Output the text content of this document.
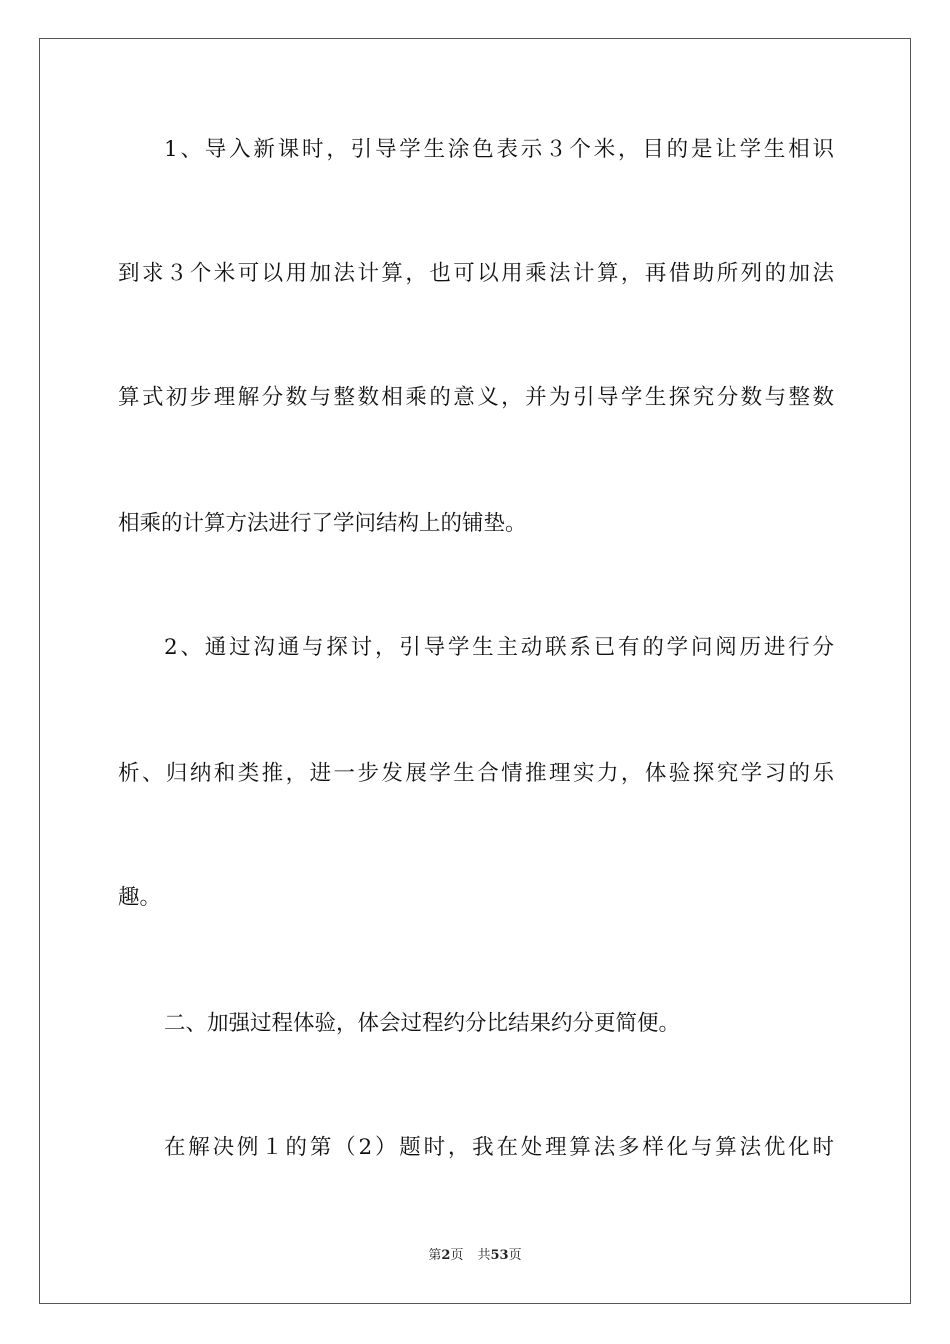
1、导入新课时，引导学生涂色表示３个米，目的是让学生相识
到求３个米可以用加法计算，也可以用乘法计算，再借助所列的加法
算式初步理解分数与整数相乘的意义，并为引导学生探究分数与整数
相乘的计算方法进行了学问结构上的铺垫。
2、通过沟通与探讨，引导学生主动联系已有的学问阅历进行分
析、归纳和类推，进一步发展学生合情推理实力，体验探究学习的乐
趣。
二、加强过程体验，体会过程约分比结果约分更简便。
在解决例１的第（2）题时，我在处理算法多样化与算法优化时
第2页 共53页
